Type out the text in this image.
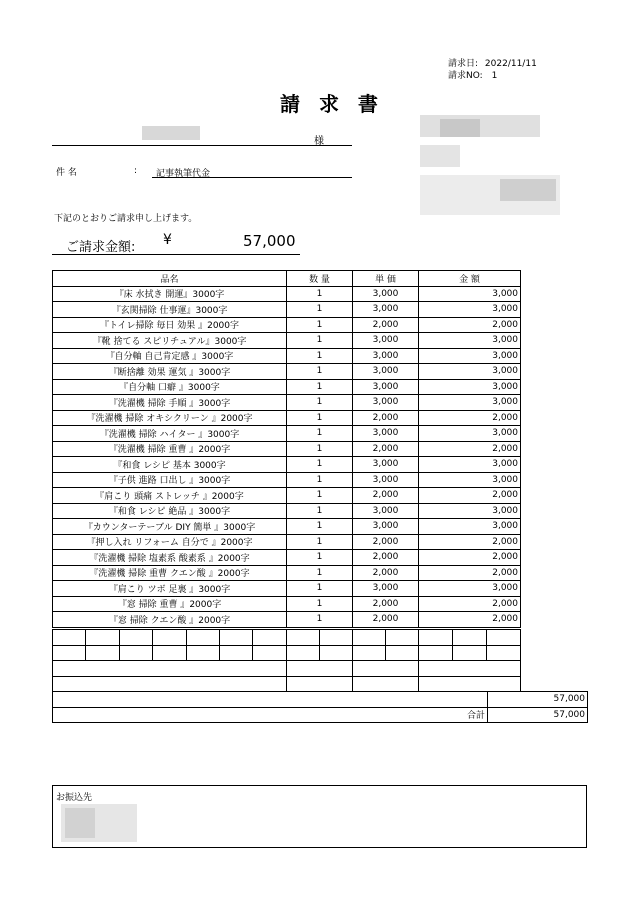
請求日: 2022/11/11
請求NO: 1
請 求 書
様
件 名	: 記事執筆代金
下記のとおりご請求申し上げます。
ご請求金額: ¥	57,000
品名	数 量	単 価	金 額
『床 水拭き 開運』3000字	1	3,000	3,000
『玄関掃除 仕事運』3000字	1	3,000	3,000
『トイレ掃除 毎日 効果 』2000字	1	2,000	2,000
『靴 捨てる スピリチュアル』3000字	1	3,000	3,000
『自分軸 自己肯定感 』3000字	1	3,000	3,000
『断捨離 効果 運気 』3000字	1	3,000	3,000
『自分軸 口癖 』3000字	1	3,000	3,000
『洗濯機 掃除 手順 』3000字	1	3,000	3,000
『洗濯機 掃除 オキシクリーン 』2000字	1	2,000	2,000
『洗濯機 掃除 ハイター 』3000字	1	3,000	3,000
『洗濯機 掃除 重曹 』2000字	1	2,000	2,000
『和食 レシピ 基本 3000字	1	3,000	3,000
『子供 進路 口出し 』3000字	1	3,000	3,000
『肩こり 頭痛 ストレッチ 』2000字	1	2,000	2,000
『和食 レシピ 絶品 』3000字	1	3,000	3,000
『カウンターテーブル DIY 簡単 』3000字	1	3,000	3,000
『押し入れ リフォーム 自分で 』2000字	1	2,000	2,000
『洗濯機 掃除 塩素系 酸素系 』2000字	1	2,000	2,000
『洗濯機 掃除 重曹 クエン酸 』2000字	1	2,000	2,000
『肩こり ツボ 足裏 』3000字	1	3,000	3,000
『窓 掃除 重曹 』2000字	1	2,000	2,000
『窓 掃除 クエン酸 』2000字	1	2,000	2,000

	57,000
合計	57,000
お振込先
